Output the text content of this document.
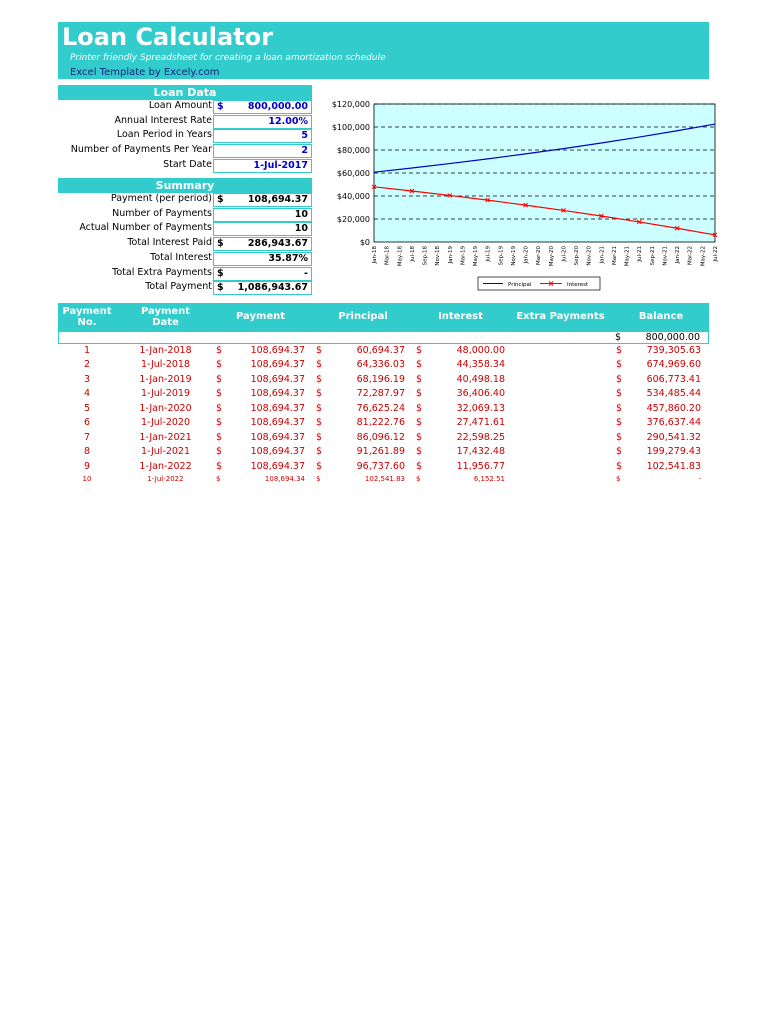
Loan Calculator
Printer friendly Spreadsheet for creating a loan amortization schedule
Excel Template by Excely.com
Loan Data
Loan Amount $	800,000.00
Annual Interest Rate	12.00%
Loan Period in Years	5
Number of Payments Per Year	2
Start Date	1-Jul-2017
Summary
Payment (per period) $	108,694.37
Number of Payments	10
Actual Number of Payments	10
Total Interest Paid $	286,943.67
Total Interest	35.87%
Total Extra Payments $	-
Total Payment $ 1,086,943.67
$0
$20,000
$40,000
$60,000
$80,000
$100,000
$120,000
Jan-18 Mar-18 May-18 Jul-18 Sep-18 Nov-18 Jan-19 Mar-19 May-19 Jul-19 Sep-19 Nov-19 Jan-20 Mar-20 May-20 Jul-20 Sep-20 Nov-20 Jan-21 Mar-21 May-21 Jul-21 Sep-21 Nov-21 Jan-22 Mar-22 May-22 Jul-22
Principal	Interest
Payment No.
Payment Date
Payment	Principal	Interest	Extra Payments	Balance
$	800,000.00
1	1-Jan-2018	$	108,694.37 $	60,694.37 $	48,000.00	$	739,305.63
2	1-Jul-2018	$	108,694.37 $	64,336.03 $	44,358.34	$	674,969.60
3	1-Jan-2019	$	108,694.37 $	68,196.19 $	40,498.18	$	606,773.41
4	1-Jul-2019	$	108,694.37 $	72,287.97 $	36,406.40	$	534,485.44
5	1-Jan-2020	$	108,694.37 $	76,625.24 $	32,069.13	$	457,860.20
6	1-Jul-2020	$	108,694.37 $	81,222.76 $	27,471.61	$	376,637.44
7	1-Jan-2021	$	108,694.37 $	86,096.12 $	22,598.25	$	290,541.32
8	1-Jul-2021	$	108,694.37 $	91,261.89 $	17,432.48	$	199,279.43
9	1-Jan-2022	$	108,694.37 $	96,737.60 $	11,956.77	$	102,541.83
10	1-Jul-2022	$	108,694.34 $	102,541.83 $	6,152.51	$	-
